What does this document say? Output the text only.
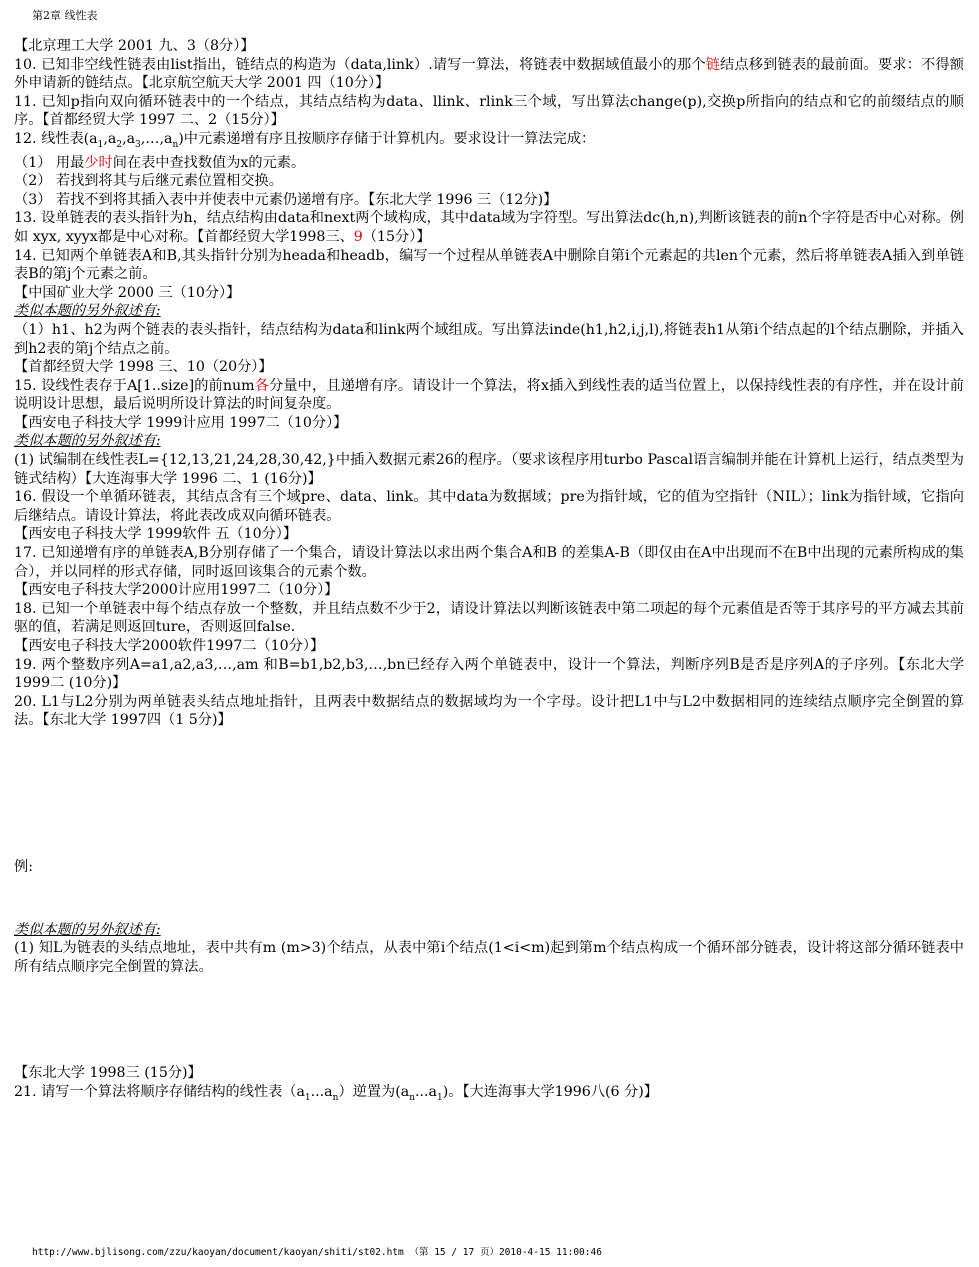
第2章 线性表

【北京理工大学 2001 九、3（8分）】

10. 已知非空线性链表由list指出，链结点的构造为（data,link）.请写一算法，将链表中数据域值最小的那个链结点移到链表的最前面。要求：不得额外申请新的链结点。【北京航空航天大学 2001 四（10分）】

11. 已知p指向双向循环链表中的一个结点，其结点结构为data、llink、rlink三个域，写出算法change(p),交换p所指向的结点和它的前缀结点的顺序。【首都经贸大学 1997 二、2（15分）】

12. 线性表$(a_1,a_2,a_3,\dots,a_n)$中元素递增有序且按顺序存储于计算机内。要求设计一算法完成：

（1） 用最少时间在表中查找数值为x的元素。

（2） 若找到将其与后继元素位置相交换。

（3） 若找不到将其插入表中并使表中元素仍递增有序。【东北大学 1996 三（12分)】

13. 设单链表的表头指针为h，结点结构由data和next两个域构成，其中data域为字符型。写出算法dc(h,n),判断该链表的前n个字符是否中心对称。例如 xyx, xyyx都是中心对称。【首都经贸大学1998三、9（15分）】

14. 已知两个单链表A和B,其头指针分别为heada和headb，编写一个过程从单链表A中删除自第i个元素起的共len个元素，然后将单链表A插入到单链表B的第j个元素之前。

【中国矿业大学 2000 三（10分）】

类似本题的另外叙述有:

（1）h1、h2为两个链表的表头指针，结点结构为data和link两个域组成。写出算法inde(h1,h2,i,j,l),将链表h1从第i个结点起的l个结点删除，并插入到h2表的第j个结点之前。

【首都经贸大学 1998 三、10（20分）】

15. 设线性表存于A[1..size]的前num各分量中，且递增有序。请设计一个算法，将x插入到线性表的适当位置上，以保持线性表的有序性，并在设计前说明设计思想，最后说明所设计算法的时间复杂度。

【西安电子科技大学 1999计应用 1997二（10分）】

类似本题的另外叙述有:

(1) 试编制在线性表L={12,13,21,24,28,30,42,}中插入数据元素26的程序。（要求该程序用turbo Pascal语言编制并能在计算机上运行，结点类型为链式结构）【大连海事大学 1996 二、1 (16分)】

16. 假设一个单循环链表，其结点含有三个域pre、data、link。其中data为数据域；pre为指针域，它的值为空指针（NIL）；link为指针域，它指向后继结点。请设计算法，将此表改成双向循环链表。

【西安电子科技大学 1999软件 五（10分）】

17. 已知递增有序的单链表A,B分别存储了一个集合，请设计算法以求出两个集合A和B 的差集A-B（即仅由在A中出现而不在B中出现的元素所构成的集合），并以同样的形式存储，同时返回该集合的元素个数。

【西安电子科技大学2000计应用1997二（10分）】

18. 已知一个单链表中每个结点存放一个整数，并且结点数不少于2，请设计算法以判断该链表中第二项起的每个元素值是否等于其序号的平方减去其前驱的值，若满足则返回ture，否则返回false.

【西安电子科技大学2000软件1997二（10分）】

19. 两个整数序列A=a1,a2,a3,…,am 和B=b1,b2,b3,…,bn已经存入两个单链表中，设计一个算法，判断序列B是否是序列A的子序列。【东北大学 1999二 (10分)】

20. L1与L2分别为两单链表头结点地址指针，且两表中数据结点的数据域均为一个字母。设计把L1中与L2中数据相同的连续结点顺序完全倒置的算法。【东北大学 1997四（1 5分)】

例:

类似本题的另外叙述有:

(1) 知L为链表的头结点地址，表中共有m (m>3)个结点，从表中第i个结点(1<i<m)起到第m个结点构成一个循环部分链表，设计将这部分循环链表中所有结点顺序完全倒置的算法。

【东北大学 1998三 (15分)】

21. 请写一个算法将顺序存储结构的线性表$(a_1...a_n)$逆置为$(a_n...a_1)$。【大连海事大学1996八(6 分)】

http://www.bjlisong.com/zzu/kaoyan/document/kaoyan/shiti/st02.htm （第 15 / 17 页）2010-4-15 11:00:46
